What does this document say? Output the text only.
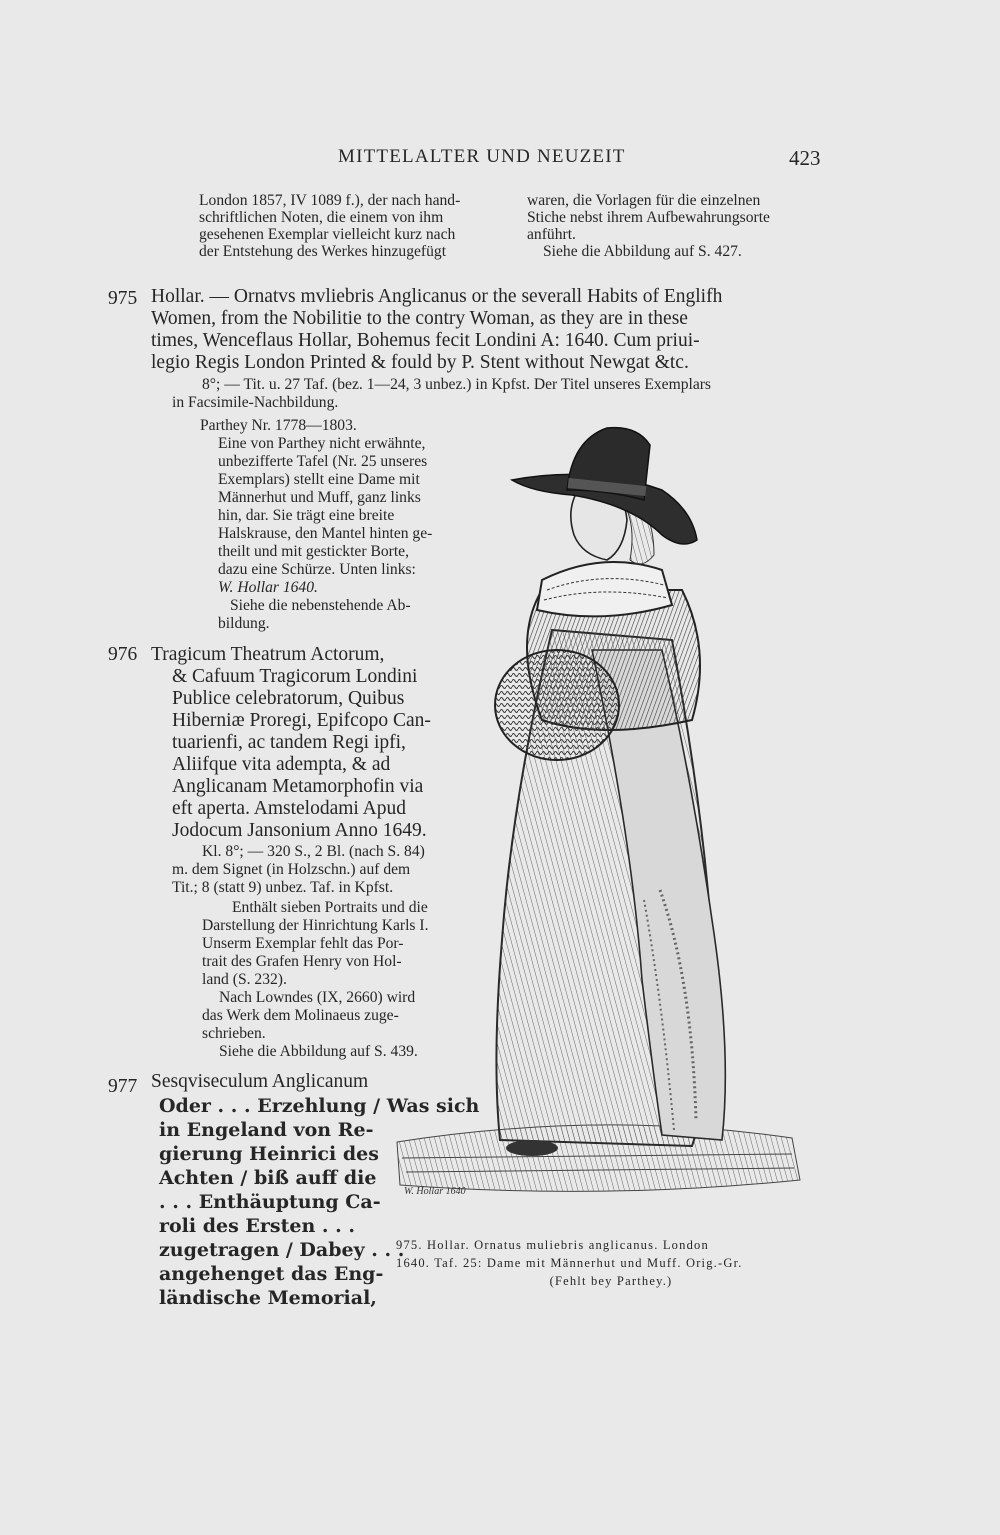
MITTELALTER UND NEUZEIT	423
London 1857, IV 1089 f.), der nach hand-
schriftlichen Noten, die einem von ihm
gesehenen Exemplar vielleicht kurz nach
der Entstehung des Werkes hinzugefügt
waren, die Vorlagen für die einzelnen
Stiche nebst ihrem Aufbewahrungsorte
anführt.
Siehe die Abbildung auf S. 427.
975 Hollar. — Ornatvs mvliebris Anglicanus or the severall Habits of Englifh
Women, from the Nobilitie to the contry Woman, as they are in these
times, Wenceflaus Hollar, Bohemus fecit Londini A: 1640. Cum priui-
legio Regis London Printed & fould by P. Stent without Newgat &tc.
8°; — Tit. u. 27 Taf. (bez. 1—24, 3 unbez.) in Kpfst. Der Titel unseres Exemplars
in Facsimile-Nachbildung.
Parthey Nr. 1778—1803.
Eine von Parthey nicht erwähnte,
unbezifferte Tafel (Nr. 25 unseres
Exemplars) stellt eine Dame mit
Männerhut und Muff, ganz links
hin, dar. Sie trägt eine breite
Halskrause, den Mantel hinten ge-
theilt und mit gestickter Borte,
dazu eine Schürze. Unten links:
W. Hollar 1640.
Siehe die nebenstehende Ab-
bildung.
976 Tragicum Theatrum Actorum,
& Cafuum Tragicorum Londini
Publice celebratorum, Quibus
Hiberniæ Proregi, Epifcopo Can-
tuarienfi, ac tandem Regi ipfi,
Aliifque vita adempta, & ad
Anglicanam Metamorphofin via
eft aperta. Amstelodami Apud
Jodocum Jansonium Anno 1649.
Kl. 8°; — 320 S., 2 Bl. (nach S. 84)
m. dem Signet (in Holzschn.) auf dem
Tit.; 8 (statt 9) unbez. Taf. in Kpfst.
Enthält sieben Portraits und die
Darstellung der Hinrichtung Karls I.
Unserm Exemplar fehlt das Por-
trait des Grafen Henry von Hol-
land (S. 232).
Nach Lowndes (IX, 2660) wird
das Werk dem Molinaeus zuge-
schrieben.
Siehe die Abbildung auf S. 439.
977 Sesqviseculum Anglicanum
Oder . . . Erzehlung / Was sich
in Engeland von Re-
gierung Heinrici des
Achten / biß auff die
. . . Enthäuptung Ca-
roli des Ersten . . .
zugetragen / Dabey . . .
angehenget das Eng-
ländische Memorial,
W. Hollar 1640
975. Hollar. Ornatus muliebris anglicanus. London
1640. Taf. 25: Dame mit Männerhut und Muff. Orig.-Gr.
(Fehlt bey Parthey.)
